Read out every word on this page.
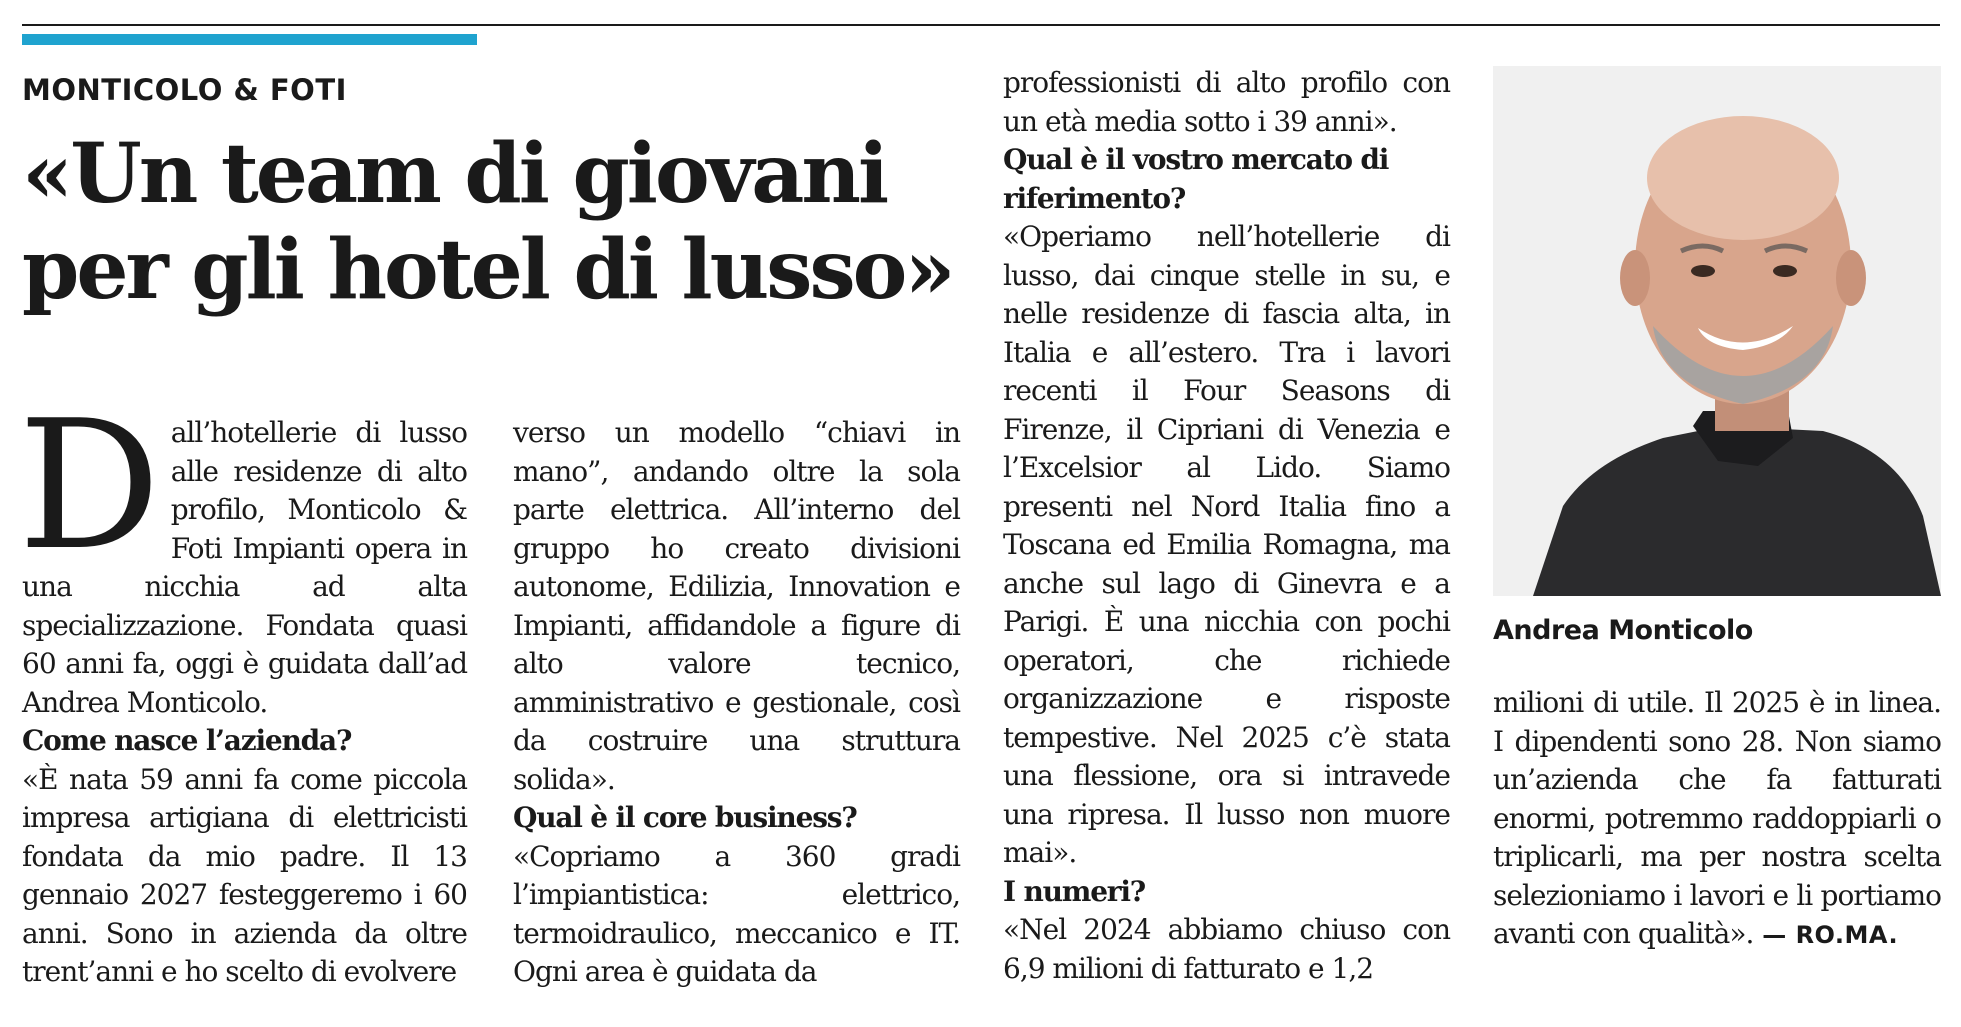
MONTICOLO & FOTI
«Un team di giovani
per gli hotel di lusso»

Dall’hotellerie di lusso alle residenze di alto profilo, Monticolo & Foti Impianti opera in una nicchia ad alta specializzazione. Fondata quasi 60 anni fa, oggi è guidata dall’ad Andrea Monticolo.

Come nasce l’azienda?

«È nata 59 anni fa come piccola impresa artigiana di elettricisti fondata da mio padre. Il 13 gennaio 2027 festeggeremo i 60 anni. Sono in azienda da oltre trent’anni e ho scelto di evolvere

verso un modello “chiavi in mano”, andando oltre la sola parte elettrica. All’interno del gruppo ho creato divisioni autonome, Edilizia, Innovation e Impianti, affidandole a figure di alto valore tecnico, amministrativo e gestionale, così da costruire una struttura solida».

Qual è il core business?

«Copriamo a 360 gradi l’impiantistica: elettrico, termoidraulico, meccanico e IT. Ogni area è guidata da

professionisti di alto profilo con un età media sotto i 39 anni».

Qual è il vostro mercato di riferimento?

«Operiamo nell’hotellerie di lusso, dai cinque stelle in su, e nelle residenze di fascia alta, in Italia e all’estero. Tra i lavori recenti il Four Seasons di Firenze, il Cipriani di Venezia e l’Excelsior al Lido. Siamo presenti nel Nord Italia fino a Toscana ed Emilia Romagna, ma anche sul lago di Ginevra e a Parigi. È una nicchia con pochi operatori, che richiede organizzazione e risposte tempestive. Nel 2025 c’è stata una flessione, ora si intravede una ripresa. Il lusso non muore mai».

I numeri?

«Nel 2024 abbiamo chiuso con 6,9 milioni di fatturato e 1,2

Andrea Monticolo

milioni di utile. Il 2025 è in linea. I dipendenti sono 28. Non siamo un’azienda che fa fatturati enormi, potremmo raddoppiarli o triplicarli, ma per nostra scelta selezioniamo i lavori e li portiamo avanti con qualità». — RO.MA.
